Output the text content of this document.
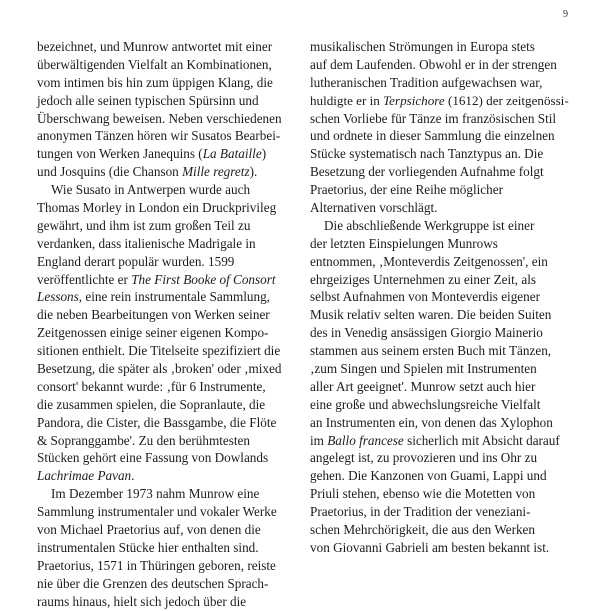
9
bezeichnet, und Munrow antwortet mit einer
überwältigenden Vielfalt an Kombinationen,
vom intimen bis hin zum üppigen Klang, die
jedoch alle seinen typischen Spürsinn und
Überschwang beweisen. Neben verschiedenen
anonymen Tänzen hören wir Susatos Bearbei-
tungen von Werken Janequins (La Bataille)
und Josquins (die Chanson Mille regretz).
Wie Susato in Antwerpen wurde auch
Thomas Morley in London ein Druckprivileg
gewährt, und ihm ist zum großen Teil zu
verdanken, dass italienische Madrigale in
England derart populär wurden. 1599
veröffentlichte er The First Booke of Consort
Lessons, eine rein instrumentale Sammlung,
die neben Bearbeitungen von Werken seiner
Zeitgenossen einige seiner eigenen Kompo-
sitionen enthielt. Die Titelseite spezifiziert die
Besetzung, die später als ‚broken' oder ‚mixed
consort' bekannt wurde: ‚für 6 Instrumente,
die zusammen spielen, die Sopranlaute, die
Pandora, die Cister, die Bassgambe, die Flöte
& Sopranggambe'. Zu den berühmtesten
Stücken gehört eine Fassung von Dowlands
Lachrimae Pavan.
Im Dezember 1973 nahm Munrow eine
Sammlung instrumentaler und vokaler Werke
von Michael Praetorius auf, von denen die
instrumentalen Stücke hier enthalten sind.
Praetorius, 1571 in Thüringen geboren, reiste
nie über die Grenzen des deutschen Sprach-
raums hinaus, hielt sich jedoch über die
musikalischen Strömungen in Europa stets
auf dem Laufenden. Obwohl er in der strengen
lutheranischen Tradition aufgewachsen war,
huldigte er in Terpsichore (1612) der zeitgenössi-
schen Vorliebe für Tänze im französischen Stil
und ordnete in dieser Sammlung die einzelnen
Stücke systematisch nach Tanztypus an. Die
Besetzung der vorliegenden Aufnahme folgt
Praetorius, der eine Reihe möglicher
Alternativen vorschlägt.
Die abschließende Werkgruppe ist einer
der letzten Einspielungen Munrows
entnommen, ‚Monteverdis Zeitgenossen', ein
ehrgeiziges Unternehmen zu einer Zeit, als
selbst Aufnahmen von Monteverdis eigener
Musik relativ selten waren. Die beiden Suiten
des in Venedig ansässigen Giorgio Mainerio
stammen aus seinem ersten Buch mit Tänzen,
‚zum Singen und Spielen mit Instrumenten
aller Art geeignet'. Munrow setzt auch hier
eine große und abwechslungsreiche Vielfalt
an Instrumenten ein, von denen das Xylophon
im Ballo francese sicherlich mit Absicht darauf
angelegt ist, zu provozieren und ins Ohr zu
gehen. Die Kanzonen von Guami, Lappi und
Priuli stehen, ebenso wie die Motetten von
Praetorius, in der Tradition der veneziani-
schen Mehrchörigkeit, die aus den Werken
von Giovanni Gabrieli am besten bekannt ist.
